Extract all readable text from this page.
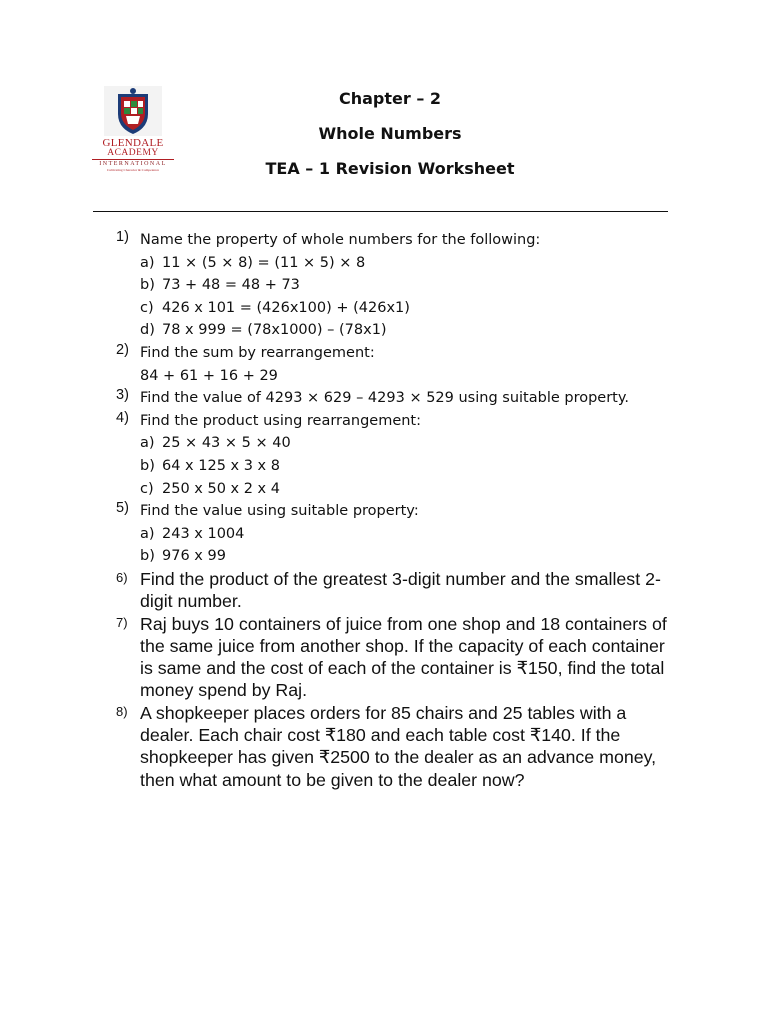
GLENDALE
ACADEMY
INTERNATIONAL
Cultivating Character & Competence
Chapter – 2
Whole Numbers
TEA – 1 Revision Worksheet
1) Name the property of whole numbers for the following:
a) 11 × (5 × 8) = (11 × 5) × 8
b) 73 + 48 = 48 + 73
c) 426 x 101 = (426x100) + (426x1)
d) 78 x 999 = (78x1000) – (78x1)
2) Find the sum by rearrangement:
84 + 61 + 16 + 29
3) Find the value of 4293 × 629 – 4293 × 529 using suitable property.
4) Find the product using rearrangement:
a) 25 × 43 × 5 × 40
b) 64 x 125 x 3 x 8
c) 250 x 50 x 2 x 4
5) Find the value using suitable property:
a) 243 x 1004
b) 976 x 99
6) Find the product of the greatest 3-digit number and the smallest 2-digit number.
7) Raj buys 10 containers of juice from one shop and 18 containers of the same juice from another shop. If the capacity of each container is same and the cost of each of the container is ₹150, find the total money spend by Raj.
8) A shopkeeper places orders for 85 chairs and 25 tables with a dealer. Each chair cost ₹180 and each table cost ₹140. If the shopkeeper has given ₹2500 to the dealer as an advance money, then what amount to be given to the dealer now?
